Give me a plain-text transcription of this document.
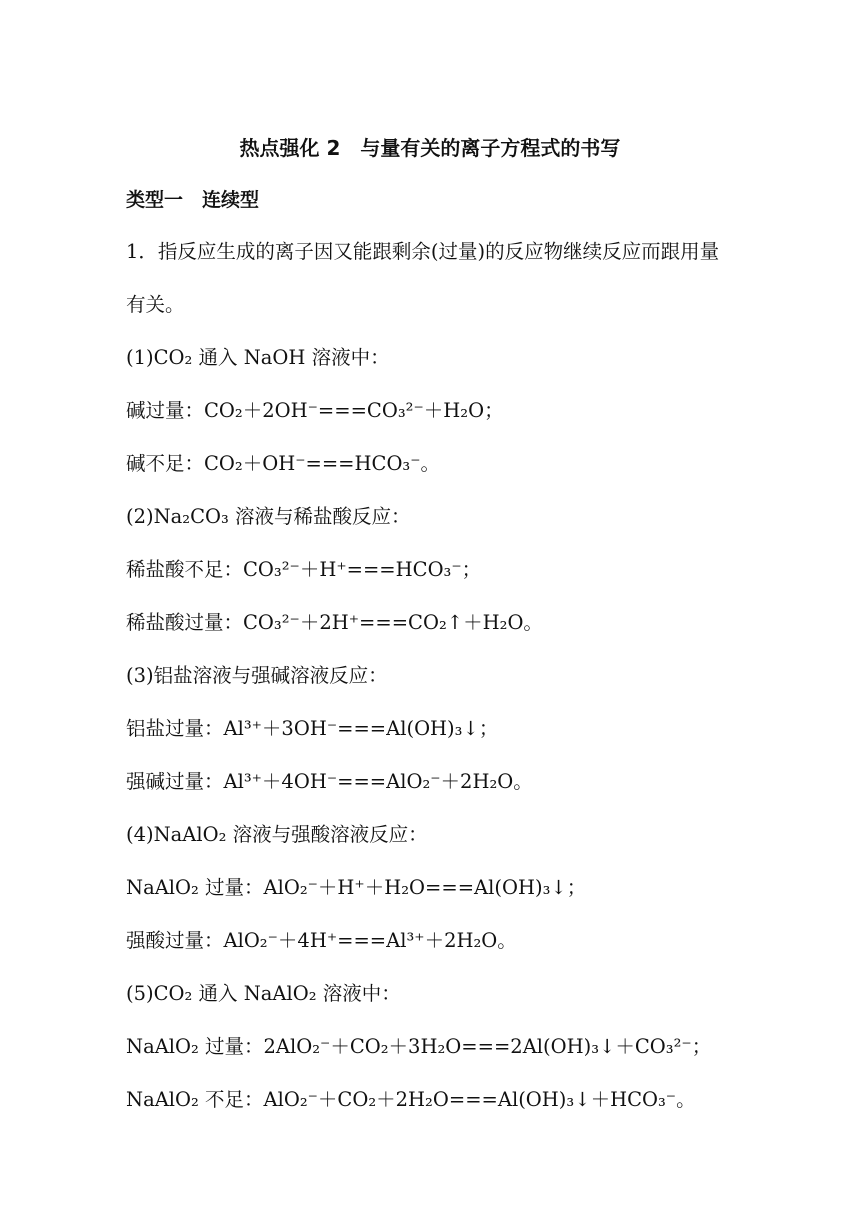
热点强化 2　与量有关的离子方程式的书写
类型一　连续型
1．指反应生成的离子因又能跟剩余(过量)的反应物继续反应而跟用量
有关。
(1)CO₂ 通入 NaOH 溶液中：
碱过量：CO₂＋2OH⁻===CO₃²⁻＋H₂O；
碱不足：CO₂＋OH⁻===HCO₃⁻。
(2)Na₂CO₃ 溶液与稀盐酸反应：
稀盐酸不足：CO₃²⁻＋H⁺===HCO₃⁻；
稀盐酸过量：CO₃²⁻＋2H⁺===CO₂↑＋H₂O。
(3)铝盐溶液与强碱溶液反应：
铝盐过量：Al³⁺＋3OH⁻===Al(OH)₃↓；
强碱过量：Al³⁺＋4OH⁻===AlO₂⁻＋2H₂O。
(4)NaAlO₂ 溶液与强酸溶液反应：
NaAlO₂ 过量：AlO₂⁻＋H⁺＋H₂O===Al(OH)₃↓；
强酸过量：AlO₂⁻＋4H⁺===Al³⁺＋2H₂O。
(5)CO₂ 通入 NaAlO₂ 溶液中：
NaAlO₂ 过量：2AlO₂⁻＋CO₂＋3H₂O===2Al(OH)₃↓＋CO₃²⁻；
NaAlO₂ 不足：AlO₂⁻＋CO₂＋2H₂O===Al(OH)₃↓＋HCO₃⁻。
